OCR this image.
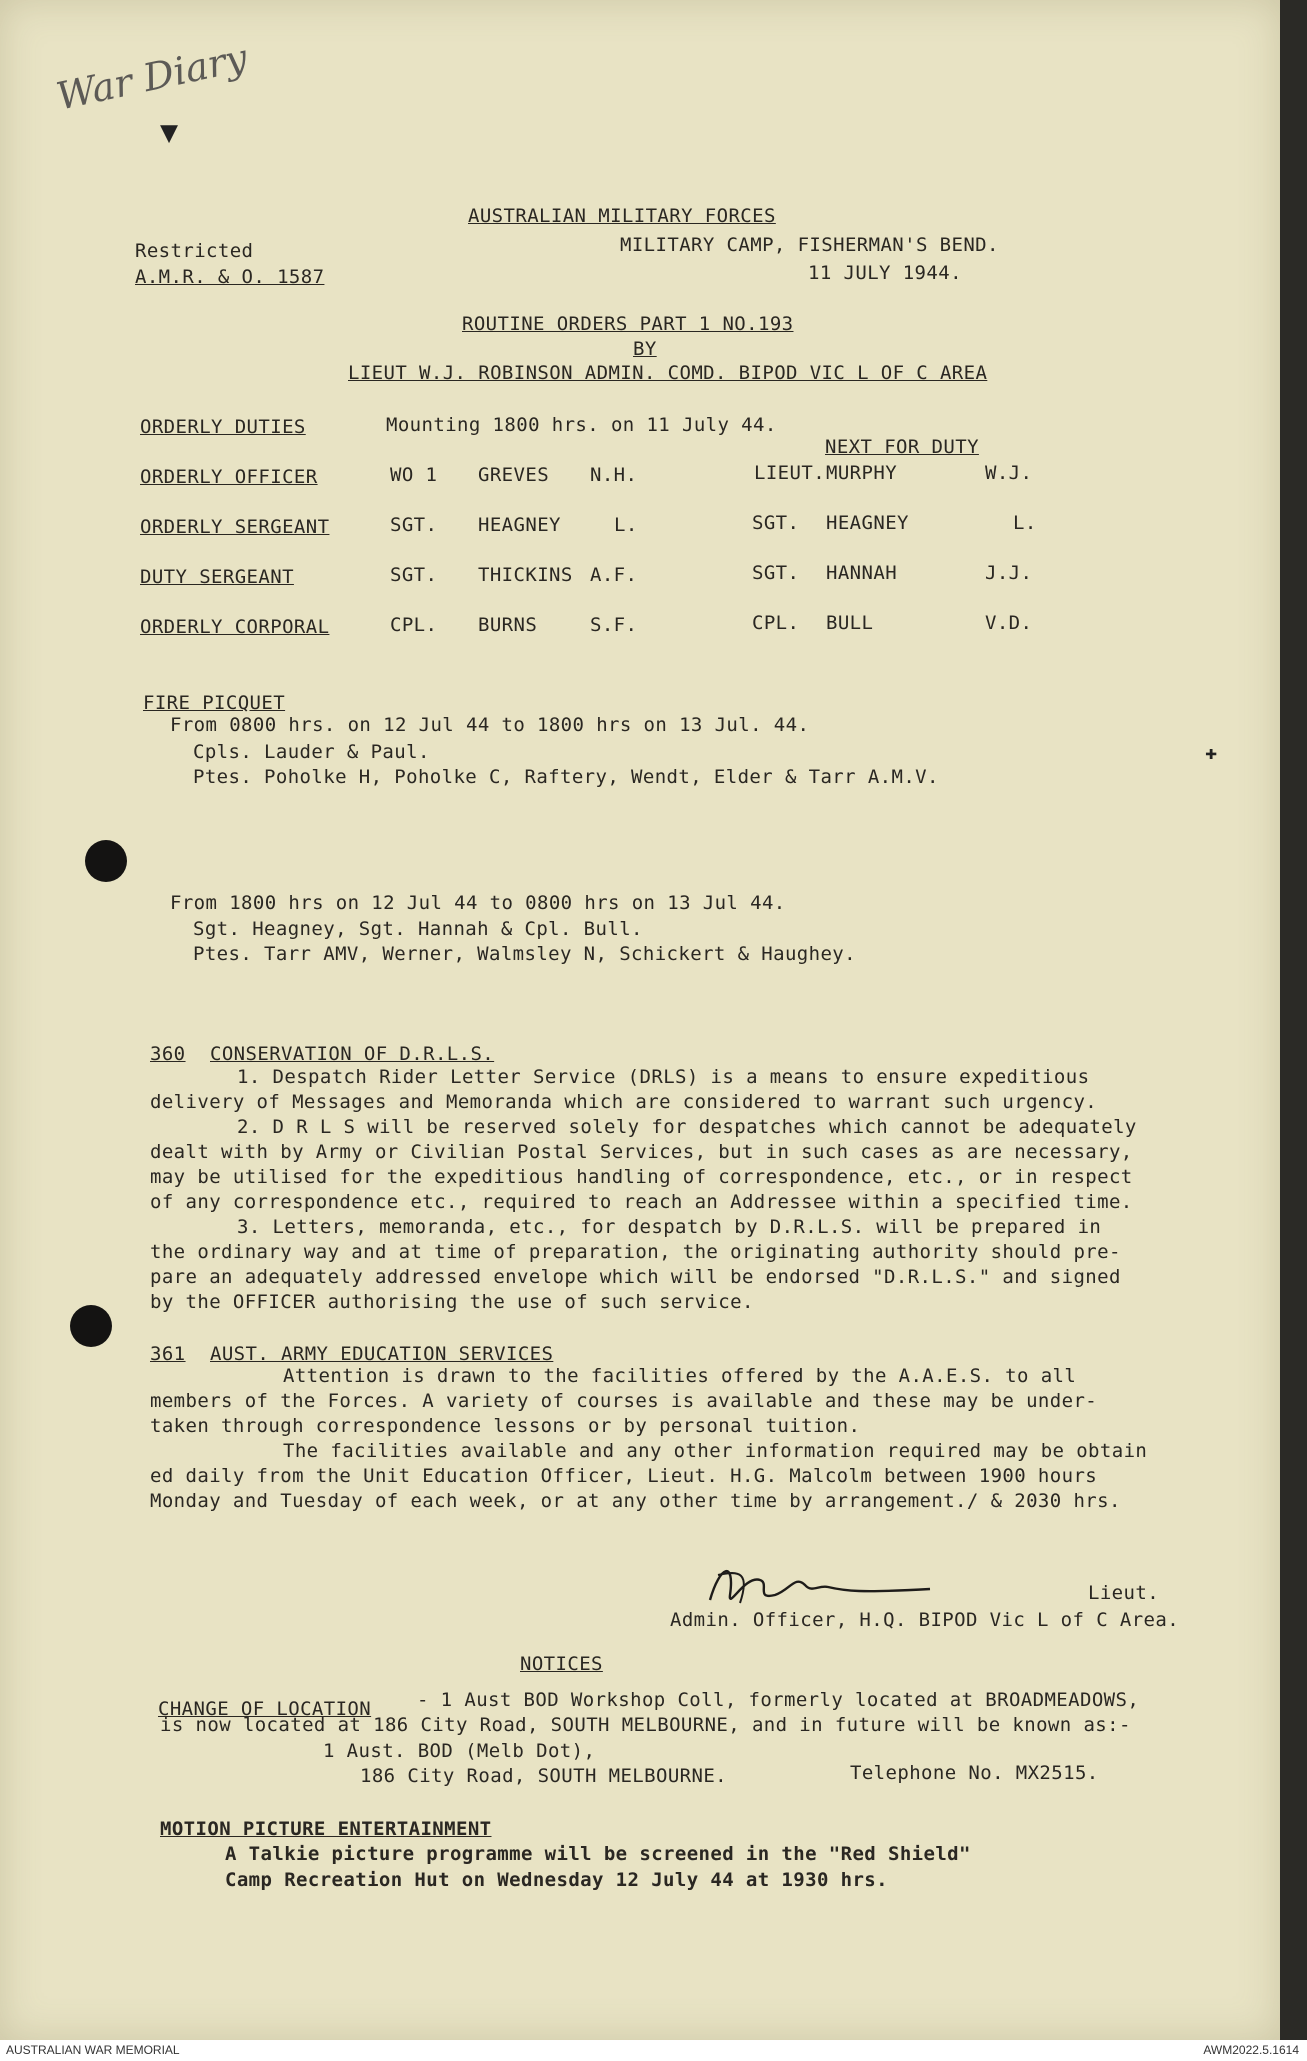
War Diary
▼
AUSTRALIAN MILITARY FORCES
Restricted
A.M.R. & O. 1587
MILITARY CAMP, FISHERMAN'S BEND.
11 JULY 1944.
ROUTINE ORDERS PART 1 NO.193
BY
LIEUT W.J. ROBINSON ADMIN. COMD. BIPOD VIC L OF C AREA
ORDERLY DUTIES	Mounting 1800 hrs. on 11 July 44.
NEXT FOR DUTY
ORDERLY OFFICER	WO 1 GREVES N.H.	LIEUT. MURPHY	W.J.
ORDERLY SERGEANT	SGT. HEAGNEY	L.	SGT. HEAGNEY	L.
DUTY SERGEANT	SGT. THICKINS A.F.	SGT. HANNAH	J.J.
ORDERLY CORPORAL	CPL. BURNS	S.F.	CPL. BULL	V.D.
FIRE PICQUET
From 0800 hrs. on 12 Jul 44 to 1800 hrs on 13 Jul. 44.
Cpls. Lauder & Paul.
Ptes. Poholke H, Poholke C, Raftery, Wendt, Elder & Tarr A.M.V.
From 1800 hrs on 12 Jul 44 to 0800 hrs on 13 Jul 44.
Sgt. Heagney, Sgt. Hannah & Cpl. Bull.
Ptes. Tarr AMV, Werner, Walmsley N, Schickert & Haughey.
360 CONSERVATION OF D.R.L.S.
1. Despatch Rider Letter Service (DRLS) is a means to ensure expeditious
delivery of Messages and Memoranda which are considered to warrant such urgency.
2. D R L S will be reserved solely for despatches which cannot be adequately
dealt with by Army or Civilian Postal Services, but in such cases as are necessary,
may be utilised for the expeditious handling of correspondence, etc., or in respect
of any correspondence etc., required to reach an Addressee within a specified time.
3. Letters, memoranda, etc., for despatch by D.R.L.S. will be prepared in
the ordinary way and at time of preparation, the originating authority should pre-
pare an adequately addressed envelope which will be endorsed "D.R.L.S." and signed
by the OFFICER authorising the use of such service.
361 AUST. ARMY EDUCATION SERVICES
Attention is drawn to the facilities offered by the A.A.E.S. to all
members of the Forces. A variety of courses is available and these may be under-
taken through correspondence lessons or by personal tuition.
The facilities available and any other information required may be obtain
ed daily from the Unit Education Officer, Lieut. H.G. Malcolm between 1900 hours
Monday and Tuesday of each week, or at any other time by arrangement./ & 2030 hrs.
Lieut.
Admin. Officer, H.Q. BIPOD Vic L of C Area.
NOTICES
CHANGE OF LOCATION - 1 Aust BOD Workshop Coll, formerly located at BROADMEADOWS,
is now located at 186 City Road, SOUTH MELBOURNE, and in future will be known as:-
1 Aust. BOD (Melb Dot),
186 City Road, SOUTH MELBOURNE.	Telephone No. MX2515.
MOTION PICTURE ENTERTAINMENT
A Talkie picture programme will be screened in the "Red Shield"
Camp Recreation Hut on Wednesday 12 July 44 at 1930 hrs.
✚
AUSTRALIAN WAR MEMORIAL	AWM2022.5.1614
